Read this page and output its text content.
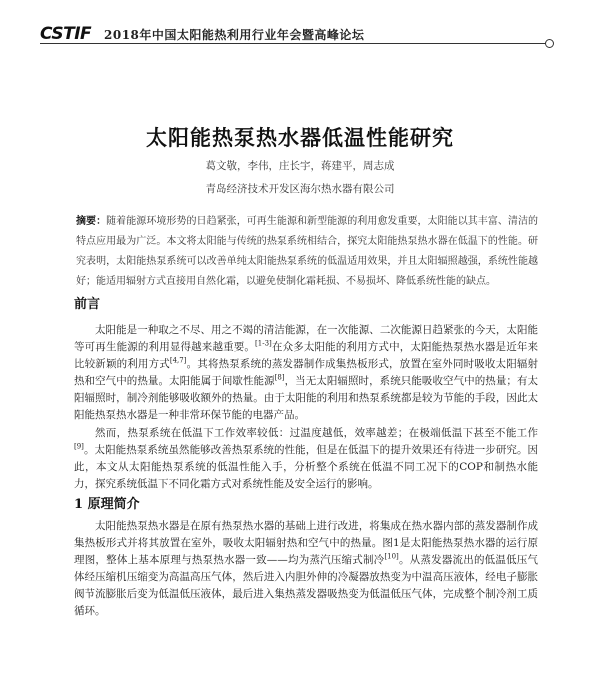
CSTIF 2018年中国太阳能热利用行业年会暨高峰论坛
太阳能热泵热水器低温性能研究
葛文敬，李伟，庄长宇，蒋建平，周志成
青岛经济技术开发区海尔热水器有限公司
摘要：随着能源环境形势的日趋紧张，可再生能源和新型能源的利用愈发重要，太阳能以其丰富、清洁的特点应用最为广泛。本文将太阳能与传统的热泵系统相结合，探究太阳能热泵热水器在低温下的性能。研究表明，太阳能热泵系统可以改善单纯太阳能热泵系统的低温适用效果，并且太阳辐照越强，系统性能越好；能适用辐射方式直接用自然化霜，以避免使制化霜耗损、不易损坏、降低系统性能的缺点。
前言

太阳能是一种取之不尽、用之不竭的清洁能源，在一次能源、二次能源日趋紧张的今天，太阳能等可再生能源的利用显得越来越重要。[1-3]在众多太阳能的利用方式中，太阳能热泵热水器是近年来比较新颖的利用方式[4,7]。其将热泵系统的蒸发器制作成集热板形式，放置在室外同时吸收太阳辐射热和空气中的热量。太阳能属于间歇性能源[8]，当无太阳辐照时，系统只能吸收空气中的热量；有太阳辐照时，制冷剂能够吸收额外的热量。由于太阳能的利用和热泵系统都是较为节能的手段，因此太阳能热泵热水器是一种非常环保节能的电器产品。

然而，热泵系统在低温下工作效率较低：过温度越低，效率越差；在极端低温下甚至不能工作[9]。太阳能热泵系统虽然能够改善热泵系统的性能，但是在低温下的提升效果还有待进一步研究。因此，本文从太阳能热泵系统的低温性能入手，分析整个系统在低温不同工况下的COP和制热水能力，探究系统低温下不同化霜方式对系统性能及安全运行的影响。

1 原理简介

太阳能热泵热水器是在原有热泵热水器的基础上进行改进，将集成在热水器内部的蒸发器制作成集热板形式并将其放置在室外，吸收太阳辐射热和空气中的热量。图1是太阳能热泵热水器的运行原理图，整体上基本原理与热泵热水器一致——均为蒸汽压缩式制冷[10]。从蒸发器流出的低温低压气体经压缩机压缩变为高温高压气体，然后进入内胆外伸的冷凝器放热变为中温高压液体，经电子膨胀阀节流膨胀后变为低温低压液体，最后进入集热蒸发器吸热变为低温低压气体，完成整个制冷剂工质循环。
